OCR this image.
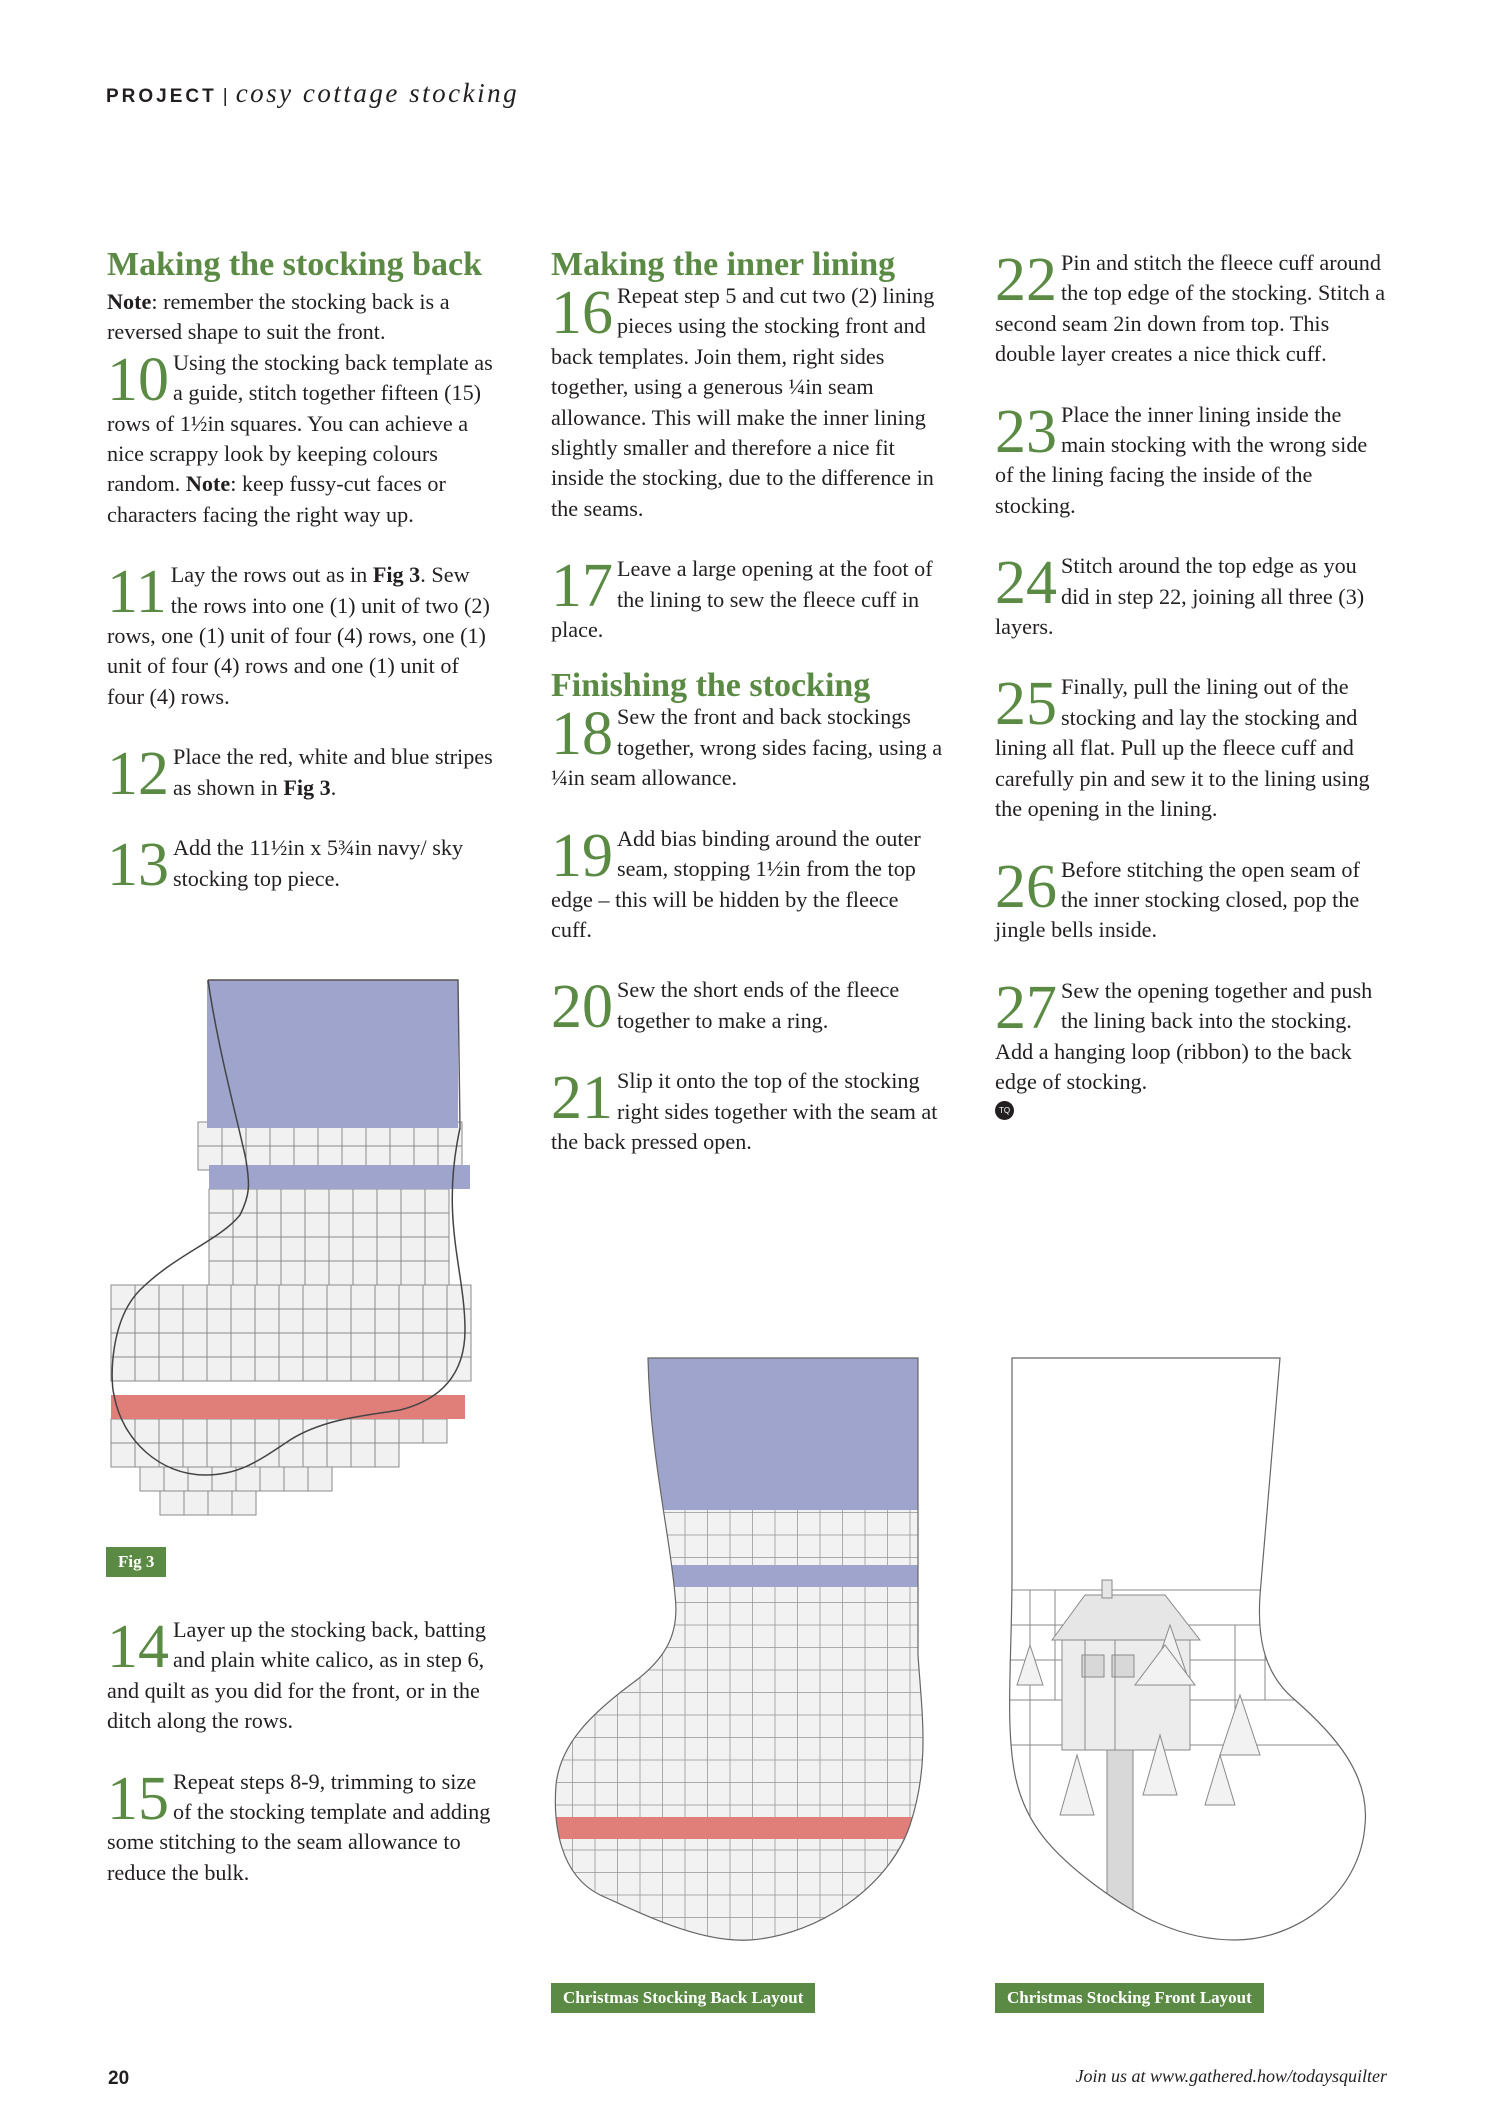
PROJECT | cosy cottage stocking
Making the stocking back

Note: remember the stocking back is a reversed shape to suit the front.

10 Using the stocking back template as a guide, stitch together fifteen (15) rows of 1½in squares. You can achieve a nice scrappy look by keeping colours random. Note: keep fussy-cut faces or characters facing the right way up.
11 Lay the rows out as in Fig 3. Sew the rows into one (1) unit of two (2) rows, one (1) unit of four (4) rows, one (1) unit of four (4) rows and one (1) unit of four (4) rows.
12 Place the red, white and blue stripes as shown in Fig 3.
13 Add the 11½in x 5¾in navy/ sky stocking top piece.
Fig 3
14 Layer up the stocking back, batting and plain white calico, as in step 6, and quilt as you did for the front, or in the ditch along the rows.
15 Repeat steps 8-9, trimming to size of the stocking template and adding some stitching to the seam allowance to reduce the bulk.
Making the inner lining
16 Repeat step 5 and cut two (2) lining pieces using the stocking front and back templates. Join them, right sides together, using a generous ¼in seam allowance. This will make the inner lining slightly smaller and therefore a nice fit inside the stocking, due to the difference in the seams.
17 Leave a large opening at the foot of the lining to sew the fleece cuff in place.
Finishing the stocking
18 Sew the front and back stockings together, wrong sides facing, using a ¼in seam allowance.
19 Add bias binding around the outer seam, stopping 1½in from the top edge – this will be hidden by the fleece cuff.
20 Sew the short ends of the fleece together to make a ring.
21 Slip it onto the top of the stocking right sides together with the seam at the back pressed open.
22 Pin and stitch the fleece cuff around the top edge of the stocking. Stitch a second seam 2in down from top. This double layer creates a nice thick cuff.
23 Place the inner lining inside the main stocking with the wrong side of the lining facing the inside of the stocking.
24 Stitch around the top edge as you did in step 22, joining all three (3) layers.
25 Finally, pull the lining out of the stocking and lay the stocking and lining all flat. Pull up the fleece cuff and carefully pin and sew it to the lining using the opening in the lining.
26 Before stitching the open seam of the inner stocking closed, pop the jingle bells inside.
27 Sew the opening together and push the lining back into the stocking. Add a hanging loop (ribbon) to the back edge of stocking.
TQ
Christmas Stocking Back Layout	Christmas Stocking Front Layout
20	Join us at www.gathered.how/todaysquilter
